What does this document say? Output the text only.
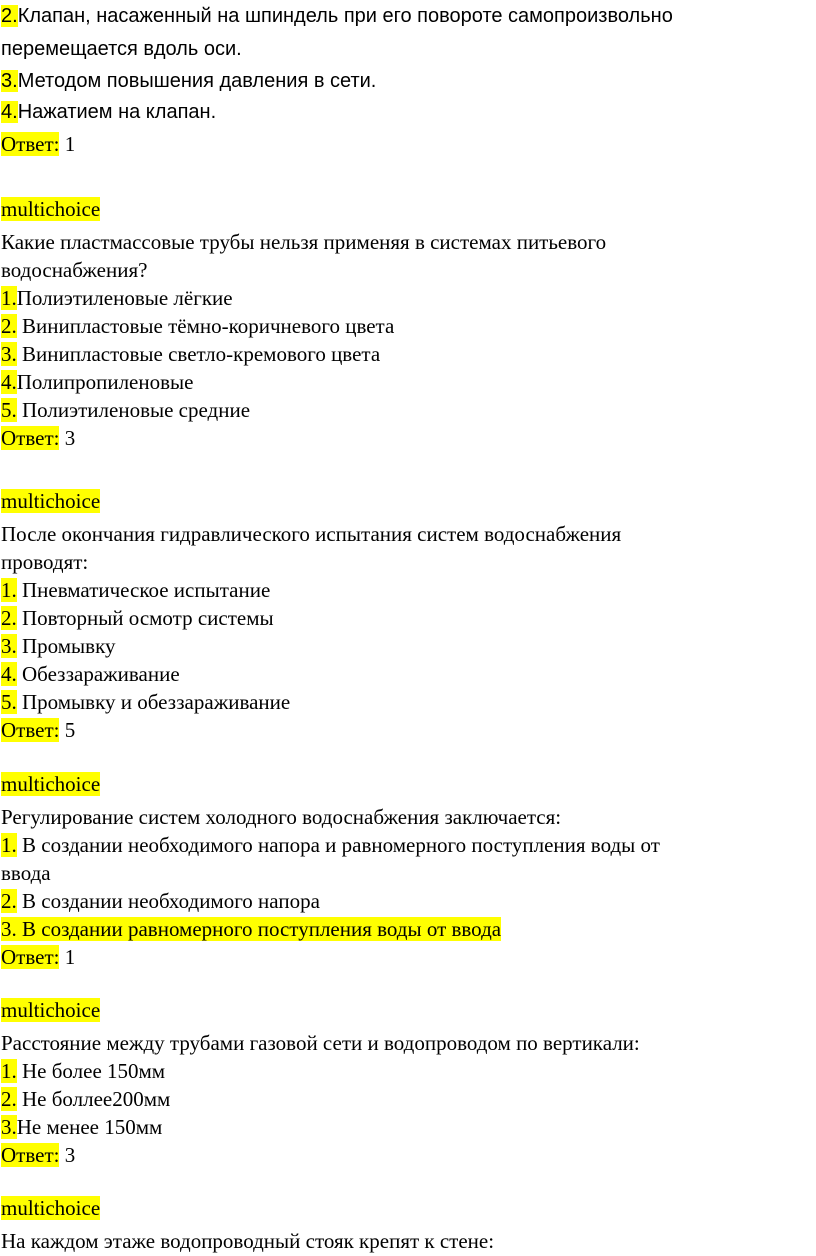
2.Клапан, насаженный на шпиндель при его повороте самопроизвольно
перемещается вдоль оси.
3.Методом повышения давления в сети.
4.Нажатием на клапан.
Ответ: 1
multichoice
Какие пластмассовые трубы нельзя применяя в системах питьевого
водоснабжения?
1.Полиэтиленовые лёгкие
2. Винипластовые тёмно-коричневого цвета
3. Винипластовые светло-кремового цвета
4.Полипропиленовые
5. Полиэтиленовые средние
Ответ: 3
multichoice
После окончания гидравлического испытания систем водоснабжения
проводят:
1. Пневматическое испытание
2. Повторный осмотр системы
3. Промывку
4. Обеззараживание
5. Промывку и обеззараживание
Ответ: 5
multichoice
Регулирование систем холодного водоснабжения заключается:
1. В создании необходимого напора и равномерного поступления воды от
ввода
2. В создании необходимого напора
3. В создании равномерного поступления воды от ввода
Ответ: 1
multichoice
Расстояние между трубами газовой сети и водопроводом по вертикали:
1. Не более 150мм
2. Не боллее200мм
3.Не менее 150мм
Ответ: 3
multichoice
На каждом этаже водопроводный стояк крепят к стене:
